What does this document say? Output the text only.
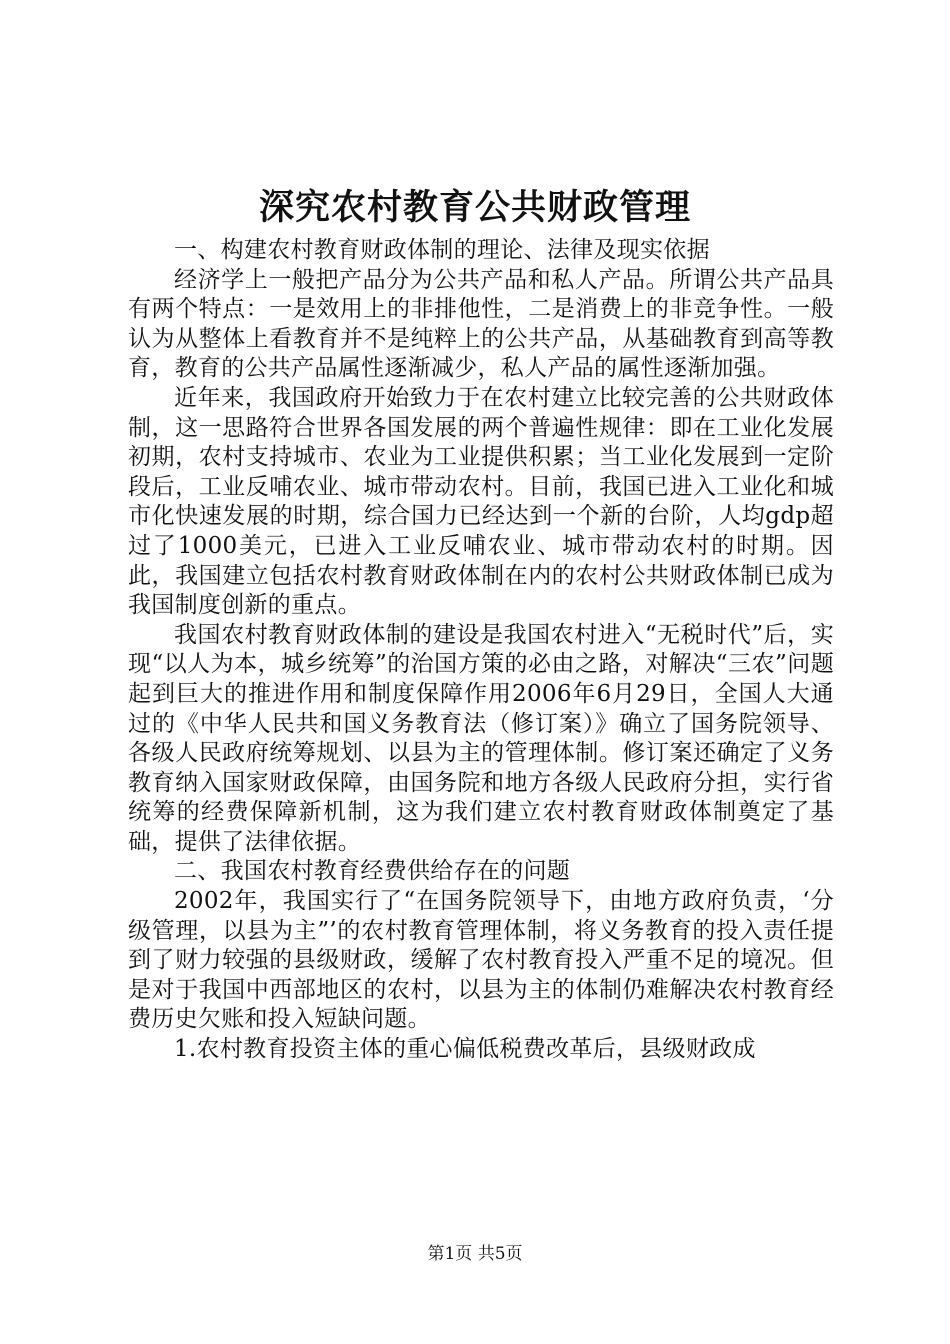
深究农村教育公共财政管理

一、构建农村教育财政体制的理论、法律及现实依据

经济学上一般把产品分为公共产品和私人产品。所谓公共产品具有两个特点：一是效用上的非排他性，二是消费上的非竞争性。一般认为从整体上看教育并不是纯粹上的公共产品，从基础教育到高等教育，教育的公共产品属性逐渐减少，私人产品的属性逐渐加强。

近年来，我国政府开始致力于在农村建立比较完善的公共财政体制，这一思路符合世界各国发展的两个普遍性规律：即在工业化发展初期，农村支持城市、农业为工业提供积累；当工业化发展到一定阶段后，工业反哺农业、城市带动农村。目前，我国已进入工业化和城市化快速发展的时期，综合国力已经达到一个新的台阶，人均gdp超过了1000美元，已进入工业反哺农业、城市带动农村的时期。因此，我国建立包括农村教育财政体制在内的农村公共财政体制已成为我国制度创新的重点。

我国农村教育财政体制的建设是我国农村进入“无税时代”后，实现“以人为本，城乡统筹”的治国方策的必由之路，对解决“三农”问题起到巨大的推进作用和制度保障作用2006年6月29日，全国人大通过的《中华人民共和国义务教育法（修订案）》确立了国务院领导、各级人民政府统筹规划、以县为主的管理体制。修订案还确定了义务教育纳入国家财政保障，由国务院和地方各级人民政府分担，实行省统筹的经费保障新机制，这为我们建立农村教育财政体制奠定了基础，提供了法律依据。

二、我国农村教育经费供给存在的问题

2002年，我国实行了“在国务院领导下，由地方政府负责，‘分级管理，以县为主”’的农村教育管理体制，将义务教育的投入责任提到了财力较强的县级财政，缓解了农村教育投入严重不足的境况。但是对于我国中西部地区的农村，以县为主的体制仍难解决农村教育经费历史欠账和投入短缺问题。

1.农村教育投资主体的重心偏低税费改革后，县级财政成

第1页 共5页
